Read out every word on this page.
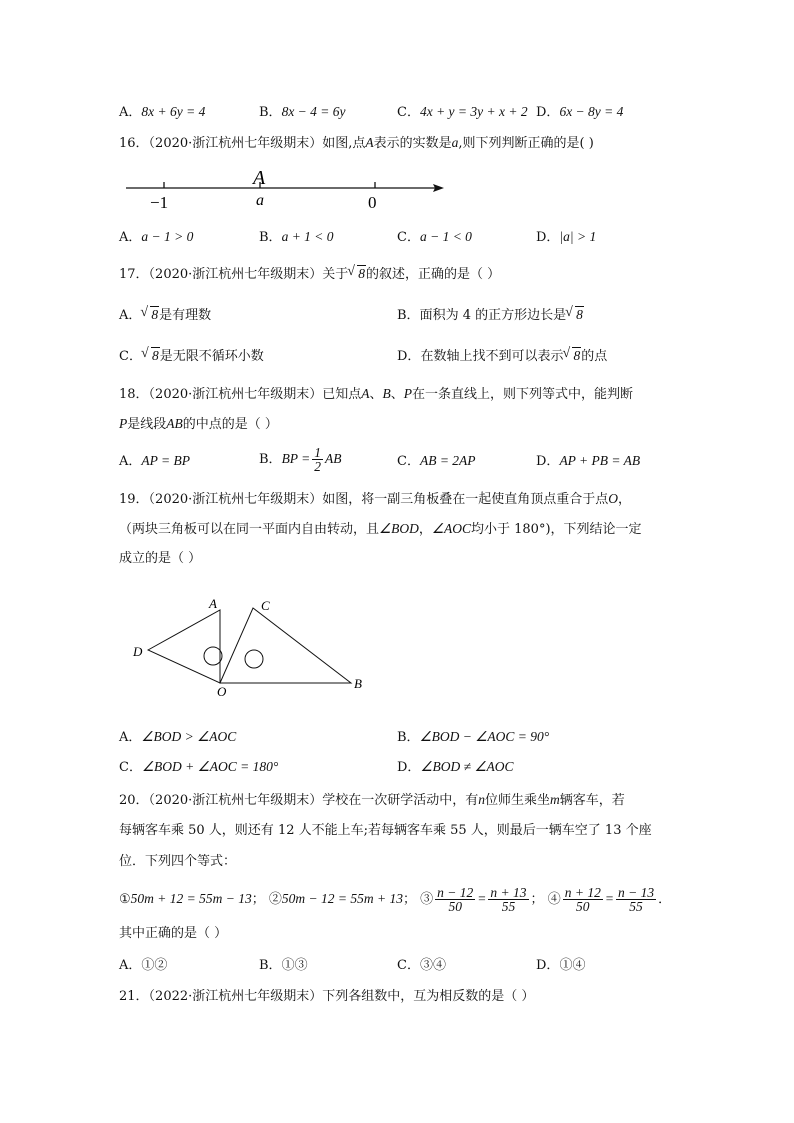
A．8x + 6y = 4	B．8x − 4 = 6y	C．4x + y = 3y + x + 2 D．6x − 8y = 4
16．（2020·浙江杭州七年级期末）如图,点A表示的实数是a,则下列判断正确的是( )
−1
A
a	0
A．a − 1 > 0	B．a + 1 < 0	C．a − 1 < 0	D．|a| > 1
17．（2020·浙江杭州七年级期末）关于 √ 8的叙述，正确的是（ ）
A． √ 8是有理数	B．面积为 4 的正方形边长是 √ 8
C． √ 8是无限不循环小数	D．在数轴上找不到可以表示 √ 8的点
18．（2020·浙江杭州七年级期末）已知点A、B、P在一条直线上，则下列等式中，能判断
P是线段AB的中点的是（ ）
A．AP = BP	B．BP = $\frac{1}{2}$ AB	C．AB = 2AP	D．AP + PB = AB
19．（2020·浙江杭州七年级期末）如图，将一副三角板叠在一起使直角顶点重合于点O，
（两块三角板可以在同一平面内自由转动，且∠BOD，∠AOC均小于 180°)，下列结论一定
成立的是（ ）
A	C
D
O
B
A．∠BOD > ∠AOC	B．∠BOD − ∠AOC = 90°
C．∠BOD + ∠AOC = 180°	D．∠BOD ≠ ∠AOC
20．（2020·浙江杭州七年级期末）学校在一次研学活动中，有n位师生乘坐m辆客车，若
每辆客车乘 50 人，则还有 12 人不能上车;若每辆客车乘 55 人，则最后一辆车空了 13 个座
位．下列四个等式：
①50m + 12 = 55m − 13； ②50m − 12 = 55m + 13； ③ $\frac{n - 12}{50} = \frac{n + 13}{55}$ ； ④ $\frac{n + 12}{50} = \frac{n - 13}{55}$ ．
其中正确的是（ ）
A．①②	B．①③	C．③④	D．①④
21．（2022·浙江杭州七年级期末）下列各组数中，互为相反数的是（ ）
